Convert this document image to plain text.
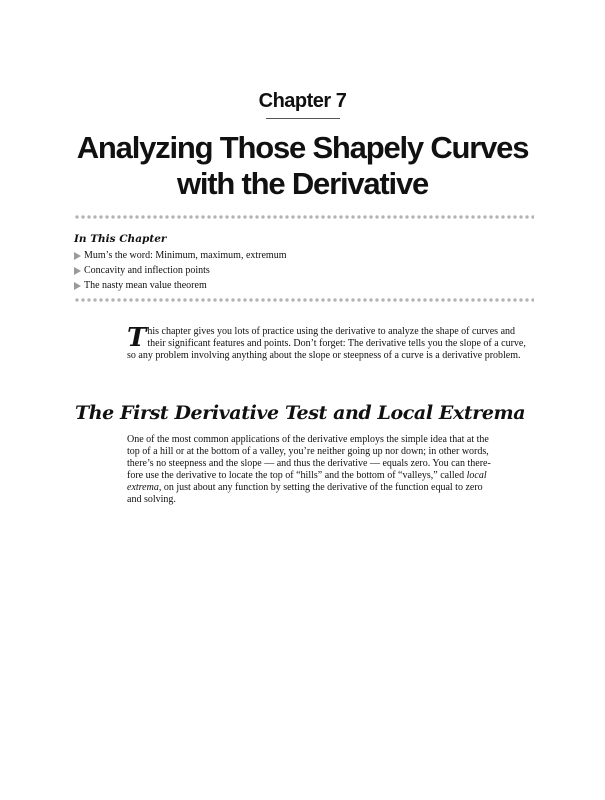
Chapter 7
Analyzing Those Shapely Curves
with the Derivative
In This Chapter
Mum’s the word: Minimum, maximum, extremum
Concavity and inflection points
The nasty mean value theorem

This chapter gives you lots of practice using the derivative to analyze the shape of curves and their significant features and points. Don’t forget: The derivative tells you the slope of a curve, so any problem involving anything about the slope or steepness of a curve is a derivative problem.

The First Derivative Test and Local Extrema

One of the most common applications of the derivative employs the simple idea that at the
top of a hill or at the bottom of a valley, you’re neither going up nor down; in other words,
there’s no steepness and the slope — and thus the derivative — equals zero. You can there-
fore use the derivative to locate the top of “hills” and the bottom of “valleys,” called local
extrema, on just about any function by setting the derivative of the function equal to zero
and solving.
